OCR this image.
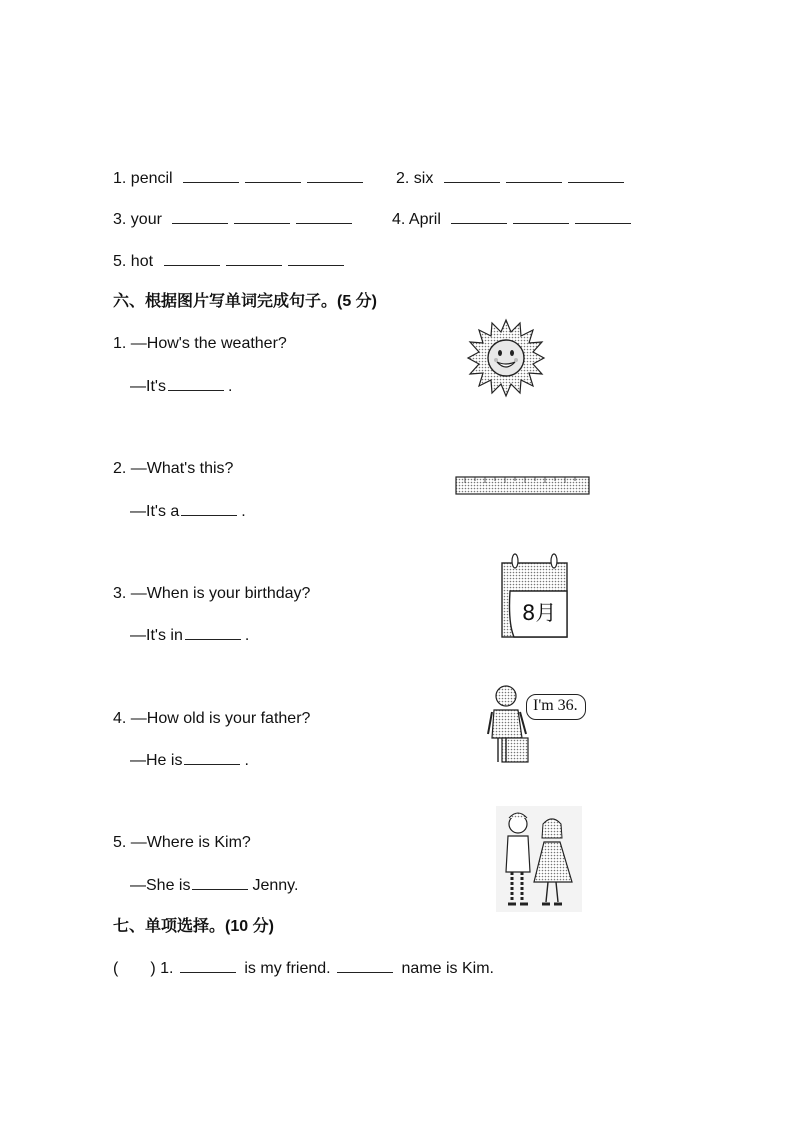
1. pencil	2. six
3. your	4. April
5. hot
六、根据图片写单词完成句子。(5 分)
1. —How's the weather?
—It's	.
2. —What's this?
—It's a	.
3. —When is your birthday?
—It's in	.
4. —How old is your father?
—He is	.
5. —Where is Kim?
—She is	Jenny.
8月
I'm 36.
七、单项选择。(10 分)
( ) 1.	is my friend.	name is Kim.
